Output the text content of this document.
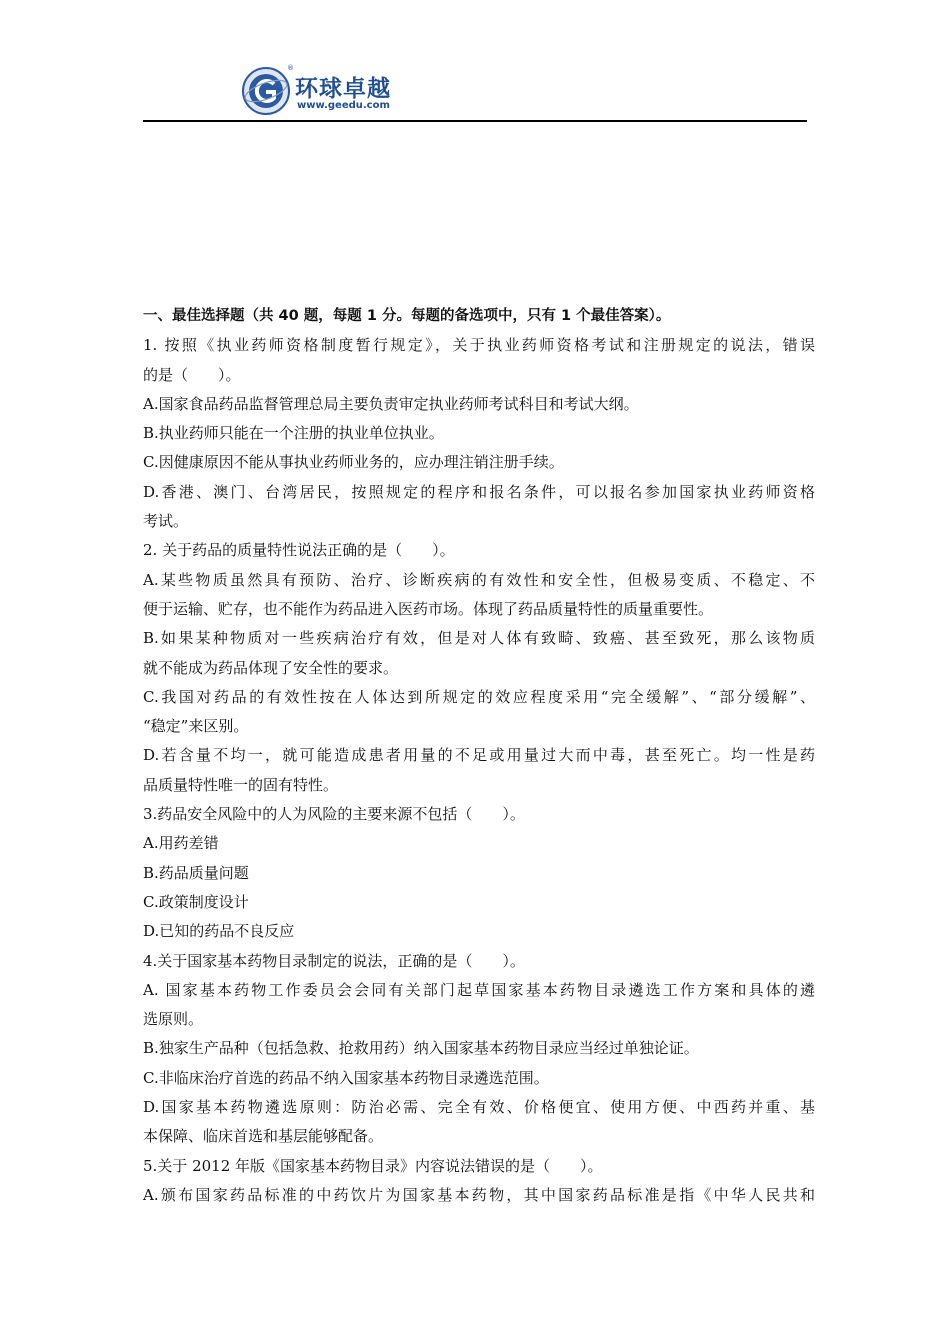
®
环球卓越
www.geedu.com
一、最佳选择题（共 40 题，每题 1 分。每题的备选项中，只有 1 个最佳答案）。
1. 按照《执业药师资格制度暂行规定》，关于执业药师资格考试和注册规定的说法，错误
的是（　　）。
A.国家食品药品监督管理总局主要负责审定执业药师考试科目和考试大纲。
B.执业药师只能在一个注册的执业单位执业。
C.因健康原因不能从事执业药师业务的，应办理注销注册手续。
D.香港、澳门、台湾居民，按照规定的程序和报名条件，可以报名参加国家执业药师资格
考试。
2. 关于药品的质量特性说法正确的是（　　）。
A.某些物质虽然具有预防、治疗、诊断疾病的有效性和安全性，但极易变质、不稳定、不
便于运输、贮存，也不能作为药品进入医药市场。体现了药品质量特性的质量重要性。
B.如果某种物质对一些疾病治疗有效，但是对人体有致畸、致癌、甚至致死，那么该物质
就不能成为药品体现了安全性的要求。
C.我国对药品的有效性按在人体达到所规定的效应程度采用“完全缓解”、“部分缓解”、
“稳定”来区别。
D.若含量不均一，就可能造成患者用量的不足或用量过大而中毒，甚至死亡。均一性是药
品质量特性唯一的固有特性。
3.药品安全风险中的人为风险的主要来源不包括（　　）。
A.用药差错
B.药品质量问题
C.政策制度设计
D.已知的药品不良反应
4.关于国家基本药物目录制定的说法，正确的是（　　）。
A. 国家基本药物工作委员会会同有关部门起草国家基本药物目录遴选工作方案和具体的遴
选原则。
B.独家生产品种（包括急救、抢救用药）纳入国家基本药物目录应当经过单独论证。
C.非临床治疗首选的药品不纳入国家基本药物目录遴选范围。
D.国家基本药物遴选原则：防治必需、完全有效、价格便宜、使用方便、中西药并重、基
本保障、临床首选和基层能够配备。
5.关于 2012 年版《国家基本药物目录》内容说法错误的是（　　）。
A.颁布国家药品标准的中药饮片为国家基本药物，其中国家药品标准是指《中华人民共和
